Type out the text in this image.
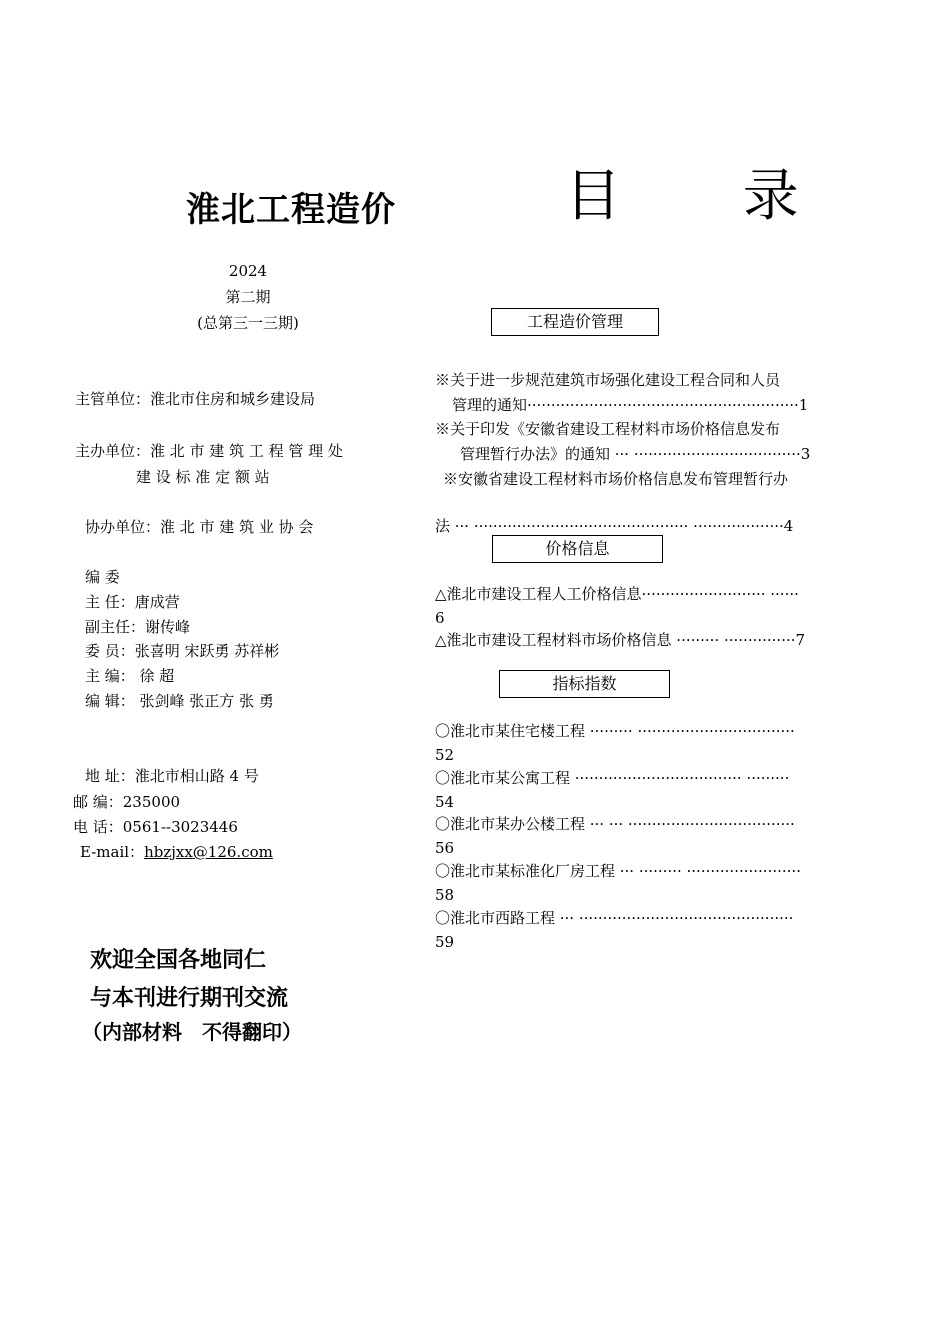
淮北工程造价	目 录
2024
第二期
(总第三一三期)
主管单位：淮北市住房和城乡建设局
主办单位：淮 北 市 建 筑 工 程 管 理 处
建 设 标 准 定 额 站
协办单位：淮 北 市 建 筑 业 协 会
编 委
主 任：唐成营
副主任：谢传峰
委 员：张喜明 宋跃勇 苏祥彬
主 编： 徐 超
编 辑： 张剑峰 张正方 张 勇
地 址：淮北市相山路 4 号
邮 编：235000
电 话：0561--3023446
E-mail：hbzjxx@126.com
欢迎全国各地同仁
与本刊进行期刊交流
（内部材料　不得翻印）
工程造价管理
价格信息
指标指数
※关于进一步规范建筑市场强化建设工程合同和人员
管理的通知·························································1
※关于印发《安徽省建设工程材料市场价格信息发布
管理暂行办法》的通知 ··· ···································3
※安徽省建设工程材料市场价格信息发布管理暂行办
法 ··· ············································· ···················4
△淮北市建设工程人工价格信息·························· ······
6
△淮北市建设工程材料市场价格信息 ········· ···············7
〇淮北市某住宅楼工程 ········· ·································
52
〇淮北市某公寓工程 ··································· ·········
54
〇淮北市某办公楼工程 ··· ··· ···································
56
〇淮北市某标准化厂房工程 ··· ········· ························
58
〇淮北市西路工程 ··· ·············································
59
